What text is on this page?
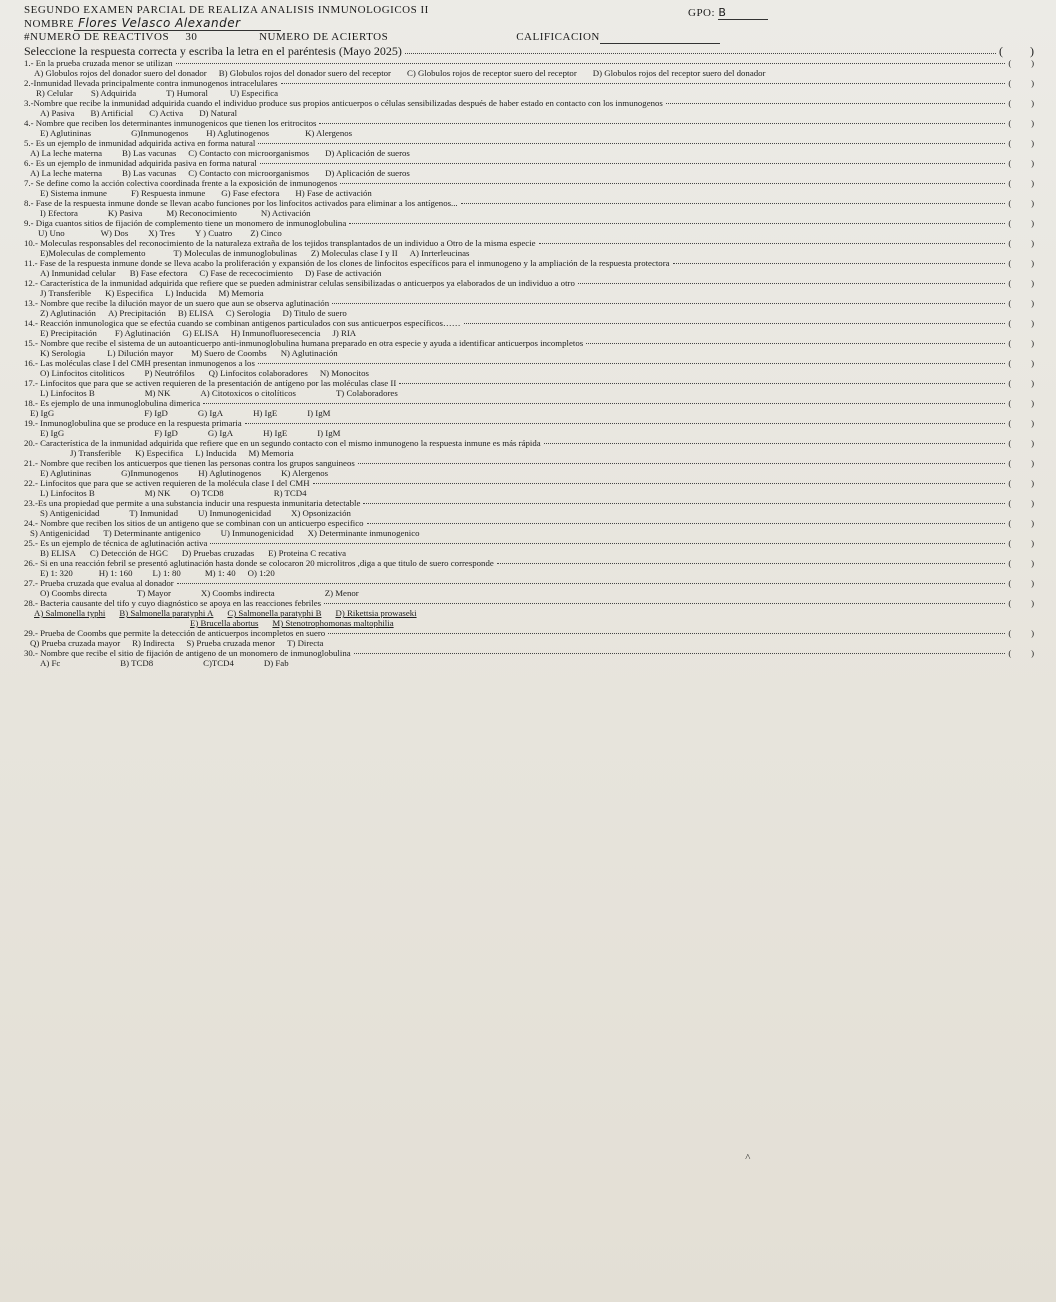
SEGUNDO EXAMEN PARCIAL DE REALIZA ANALISIS INMUNOLOGICOS II	GPO: B
NOMBRE Flores Velasco Alexander
#NUMERO DE REACTIVOS
30
	NUMERO DE ACIERTOS	CALIFICACION
Seleccione la respuesta correcta y escriba la letra en el paréntesis (Mayo 2025)	(         )
1.- En la prueba cruzada menor se utilizan	(         )
A) Globulos rojos del donador suero del donador B) Globulos rojos del donador suero del receptor C) Globulos rojos de receptor suero del receptor D) Globulos rojos del receptor suero del donador
2.-Inmunidad llevada principalmente contra inmunogenos intracelulares	(         )
R) Celular S) Adquirida	T) Humoral	U) Especifica
3.-Nombre que recibe la inmunidad adquirida cuando el individuo produce sus propios anticuerpos o células sensibilizadas después de haber estado en contacto con los inmunogenos	(         )
A) Pasiva B) Artificial C) Activa D) Natural
4.- Nombre que reciben los determinantes inmunogenicos que tienen los eritrocitos	(         )
E) Aglutininas	G)Inmunogenos H) Aglutinogenos	K) Alergenos
5.- Es un ejemplo de inmunidad adquirida activa en forma natural	(         )
A) La leche materna B) Las vacunas C) Contacto con microorganismos D) Aplicación de sueros
6.- Es un ejemplo de inmunidad adquirida pasiva en forma natural	(         )
A) La leche materna B) Las vacunas C) Contacto con microorganismos D) Aplicación de sueros
7.- Se define como la acción colectiva coordinada frente a la exposición de inmunogenos	(         )
E) Sistema inmune	F) Respuesta inmune G) Fase efectora H) Fase de activación
8.- Fase de la respuesta inmune donde se llevan acabo funciones por los linfocitos activados para eliminar a los antígenos...	(         )
I) Efectora	K) Pasiva	M) Reconocimiento	N) Activación
9.- Diga cuantos sitios de fijación de complemento tiene un monomero de inmunoglobulina	(         )
U) Uno	W) Dos X) Tres Y ) Cuatro Z) Cinco
10.- Moleculas responsables del reconocimiento de la naturaleza extraña de los tejidos transplantados de un individuo a Otro de la misma especie	(         )
E)Moleculas de complemento	T) Moleculas de inmunoglobulinas Z) Moleculas clase I y II A) Inrterleucinas
11.- Fase de la respuesta inmune donde se lleva acabo la proliferación y expansión de los clones de linfocitos específicos para el inmunogeno y la ampliación de la respuesta protectora	(         )
A) Inmunidad celular B) Fase efectora C) Fase de rececocimiento D) Fase de activación
12.- Característica de la inmunidad adquirida que refiere que se pueden administrar celulas sensibilizadas o anticuerpos ya elaborados de un individuo a otro	(         )
J) Transferible K) Especifica L) Inducida M) Memoria
13.- Nombre que recibe la dilución mayor de un suero que aun se observa aglutinación	(         )
Z) Aglutinación A) Precipitación B) ELISA C) Serologia D) Titulo de suero
14.- Reacción inmunologica que se efectúa cuando se combinan antigenos particulados con sus anticuerpos específicos……	(         )
E) Precipitación F) Aglutinación G) ELISA H) Inmunofluoresecencia J) RIA
15.- Nombre que recibe el sistema de un autoanticuerpo anti-inmunoglobulina humana preparado en otra especie y ayuda a identificar anticuerpos incompletos	(         )
K) Serologia	L) Dilución mayor M) Suero de Coombs N) Aglutinación
16.- Las moléculas clase I del CMH presentan inmunogenos a los	(         )
O) Linfocitos citoliticos P) Neutrófilos Q) Linfocitos colaboradores N) Monocitos
17.- Linfocitos que para que se activen requieren de la presentación de antígeno por las moléculas clase II	(         )
L) Linfocitos B	M) NK	A) Citotoxicos o citolíticos	T) Colaboradores
18.- Es ejemplo de una inmunoglobulina dimerica	(         )
E) IgG	F) IgD	G) IgA	H) IgE	I) IgM
19.- Inmunoglobulina que se produce en la respuesta primaria	(         )
E) IgG	F) IgD	G) IgA	H) IgE	I) IgM
20.- Característica de la inmunidad adquirida que refiere que en un segundo contacto con el mismo inmunogeno la respuesta inmune es más rápida	(         )
J) Transferible K) Especifica L) Inducida M) Memoria
21.- Nombre que reciben los anticuerpos que tienen las personas contra los grupos sanguineos	(         )
E) Aglutininas	G)Inmunogenos H) Aglutinogenos K) Alergenos
22.- Linfocitos que para que se activen requieren de la molécula clase I del CMH	(         )
L) Linfocitos B	M) NK O) TCD8	R) TCD4
23.-Es una propiedad que permite a una substancia inducir una respuesta inmunitaria detectable	(         )
S) Antigenicidad	T) Inmunidad U) Inmunogenicidad X) Opsonización
24.- Nombre que reciben los sitios de un antigeno que se combinan con un anticuerpo especifico	(         )
S) Antigenicidad T) Determinante antigenico U) Inmunogenicidad X) Determinante inmunogenico
25.- Es un ejemplo de técnica de aglutinación activa	(         )
B) ELISA C) Detección de HGC D) Pruebas cruzadas E) Proteina C recativa
26.- Si en una reacción febril se presentó aglutinación hasta donde se colocaron 20 microlitros ,diga a que titulo de suero corresponde	(         )
E) 1: 320	H) 1: 160 L) 1: 80	M) 1: 40 O) 1:20
27.- Prueba cruzada que evalua al donador	(         )
O) Coombs directa	T) Mayor	X) Coombs indirecta	Z) Menor
28.- Bacteria causante del tifo y cuyo diagnóstico se apoya en las reacciones febriles	(         )
A) Salmonella typhi B) Salmonella paratyphi A C) Salmonella paratyphi B D) Rikettsia prowaseki
E) Brucella abortus M) Stenotrophomonas maltophilia
29.- Prueba de Coombs que permite la detección de anticuerpos incompletos en suero	(         )
Q) Prueba cruzada mayor R) Indirecta S) Prueba cruzada menor T) Directa
30.- Nombre que recibe el sitio de fijación de antigeno de un monomero de inmunoglobulina	(         )
A) Fc	B) TCD8	C)TCD4	D) Fab
˄
